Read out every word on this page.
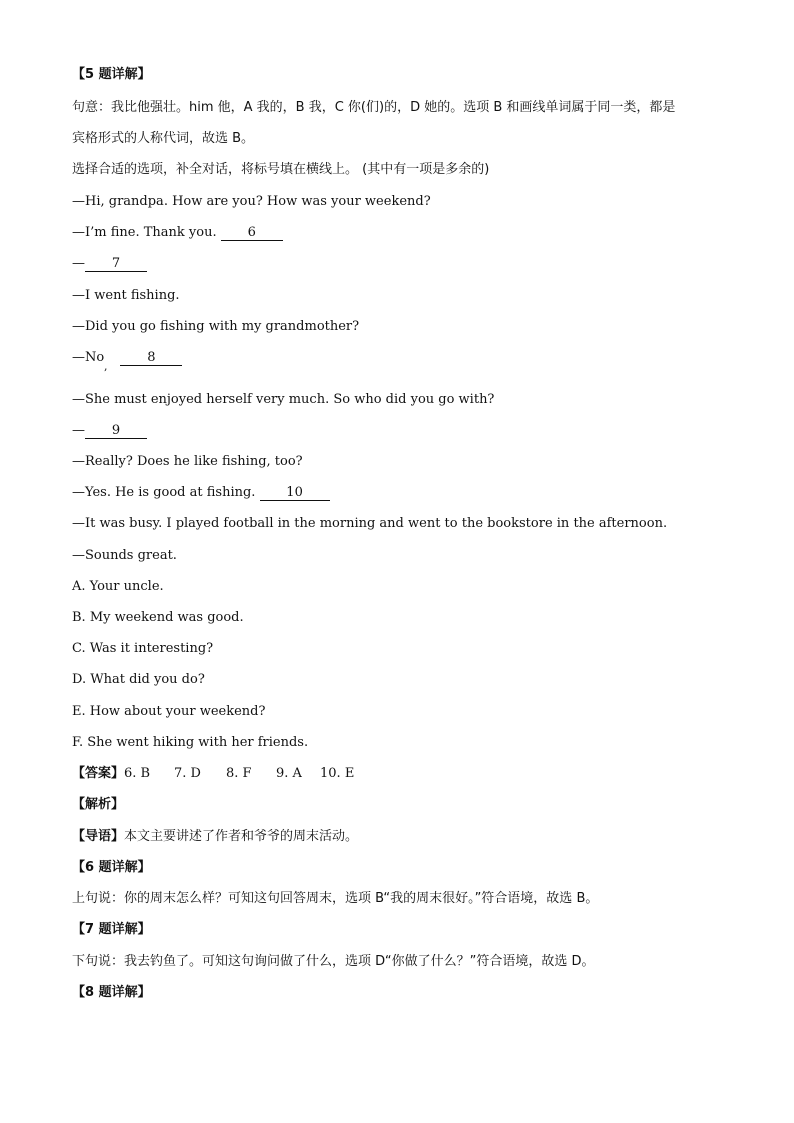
【5 题详解】
句意：我比他强壮。him 他，A 我的，B 我，C 你(们)的，D 她的。选项 B 和画线单词属于同一类，都是
宾格形式的人称代词，故选 B。
选择合适的选项，补全对话，将标号填在横线上。 (其中有一项是多余的)
—Hi, grandpa. How are you? How was your weekend?
—I’m fine. Thank you. 6
— 7
—I went fishing.
—Did you go fishing with my grandmother?
—No
,
8
—She must enjoyed herself very much. So who did you go with?
— 9
—Really? Does he like fishing, too?
—Yes. He is good at fishing. 10
—It was busy. I played football in the morning and went to the bookstore in the afternoon.
—Sounds great.
A. Your uncle.
B. My weekend was good.
C. Was it interesting?
D. What did you do?
E. How about your weekend?
F. She went hiking with her friends.
【答案】6. B 7. D 8. F 9. A 10. E
【解析】
【导语】本文主要讲述了作者和爷爷的周末活动。
【6 题详解】
上句说：你的周末怎么样？可知这句回答周末，选项 B“我的周末很好。”符合语境，故选 B。
【7 题详解】
下句说：我去钓鱼了。可知这句询问做了什么，选项 D“你做了什么？”符合语境，故选 D。
【8 题详解】
